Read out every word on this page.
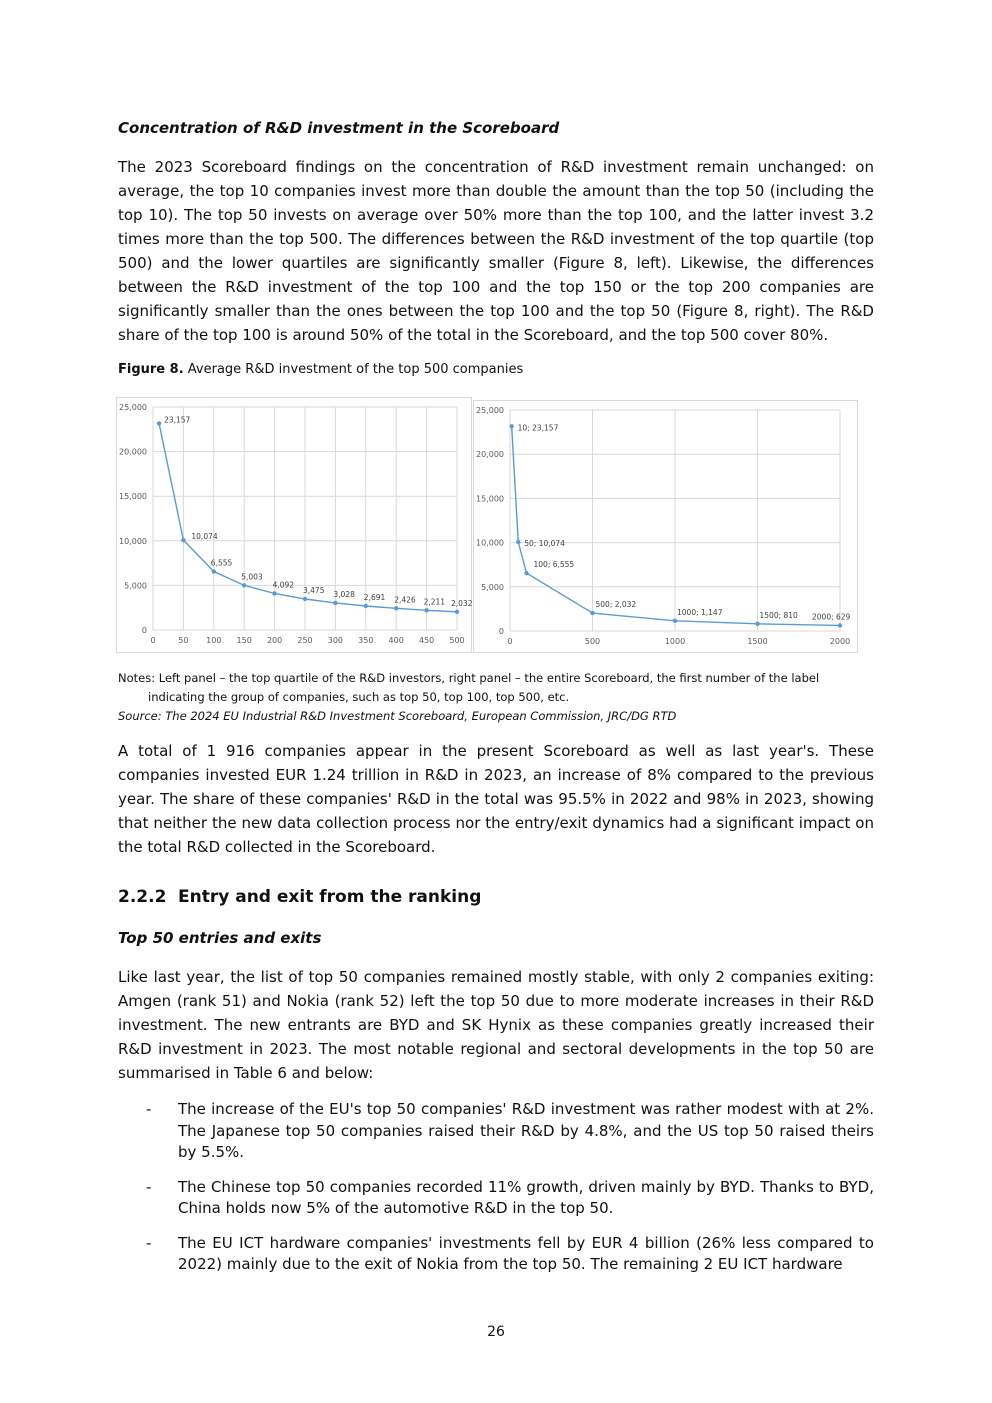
Concentration of R&D investment in the Scoreboard
The 2023 Scoreboard findings on the concentration of R&D investment remain unchanged: on average, the top 10 companies invest more than double the amount than the top 50 (including the top 10). The top 50 invests on average over 50% more than the top 100, and the latter invest 3.2 times more than the top 500. The differences between the R&D investment of the top quartile (top 500) and the lower quartiles are significantly smaller (Figure 8, left). Likewise, the differences between the R&D investment of the top 100 and the top 150 or the top 200 companies are significantly smaller than the ones between the top 100 and the top 50 (Figure 8, right). The R&D share of the top 100 is around 50% of the total in the Scoreboard, and the top 500 cover 80%.
Figure 8. Average R&D investment of the top 500 companies
0
5,000
10,000
15,000
20,000
25,000
0	50 100 150 200 250 300 350 400 450 500
23,157
10,074
6,555
5,003
4,092
3,475 3,028 2,691 2,426 2,211 2,032
0
5,000
10,000
15,000
20,000
25,000
0	500	1000	1500	2000
10; 23,157
50; 10,074
100; 6,555
500; 2,032
1000; 1,147	1500; 810 2000; 629
Notes: Left panel – the top quartile of the R&D investors, right panel – the entire Scoreboard, the first number of the label
indicating the group of companies, such as top 50, top 100, top 500, etc.
Source: The 2024 EU Industrial R&D Investment Scoreboard, European Commission, JRC/DG RTD
A total of 1 916 companies appear in the present Scoreboard as well as last year's. These companies invested EUR 1.24 trillion in R&D in 2023, an increase of 8% compared to the previous year. The share of these companies' R&D in the total was 95.5% in 2022 and 98% in 2023, showing that neither the new data collection process nor the entry/exit dynamics had a significant impact on the total R&D collected in the Scoreboard.
2.2.2 Entry and exit from the ranking
Top 50 entries and exits
Like last year, the list of top 50 companies remained mostly stable, with only 2 companies exiting: Amgen (rank 51) and Nokia (rank 52) left the top 50 due to more moderate increases in their R&D investment. The new entrants are BYD and SK Hynix as these companies greatly increased their R&D investment in 2023. The most notable regional and sectoral developments in the top 50 are summarised in Table 6 and below:
- The increase of the EU's top 50 companies' R&D investment was rather modest with at 2%. The Japanese top 50 companies raised their R&D by 4.8%, and the US top 50 raised theirs by 5.5%.
- The Chinese top 50 companies recorded 11% growth, driven mainly by BYD. Thanks to BYD, China holds now 5% of the automotive R&D in the top 50.
- The EU ICT hardware companies' investments fell by EUR 4 billion (26% less compared to 2022) mainly due to the exit of Nokia from the top 50. The remaining 2 EU ICT hardware
26
